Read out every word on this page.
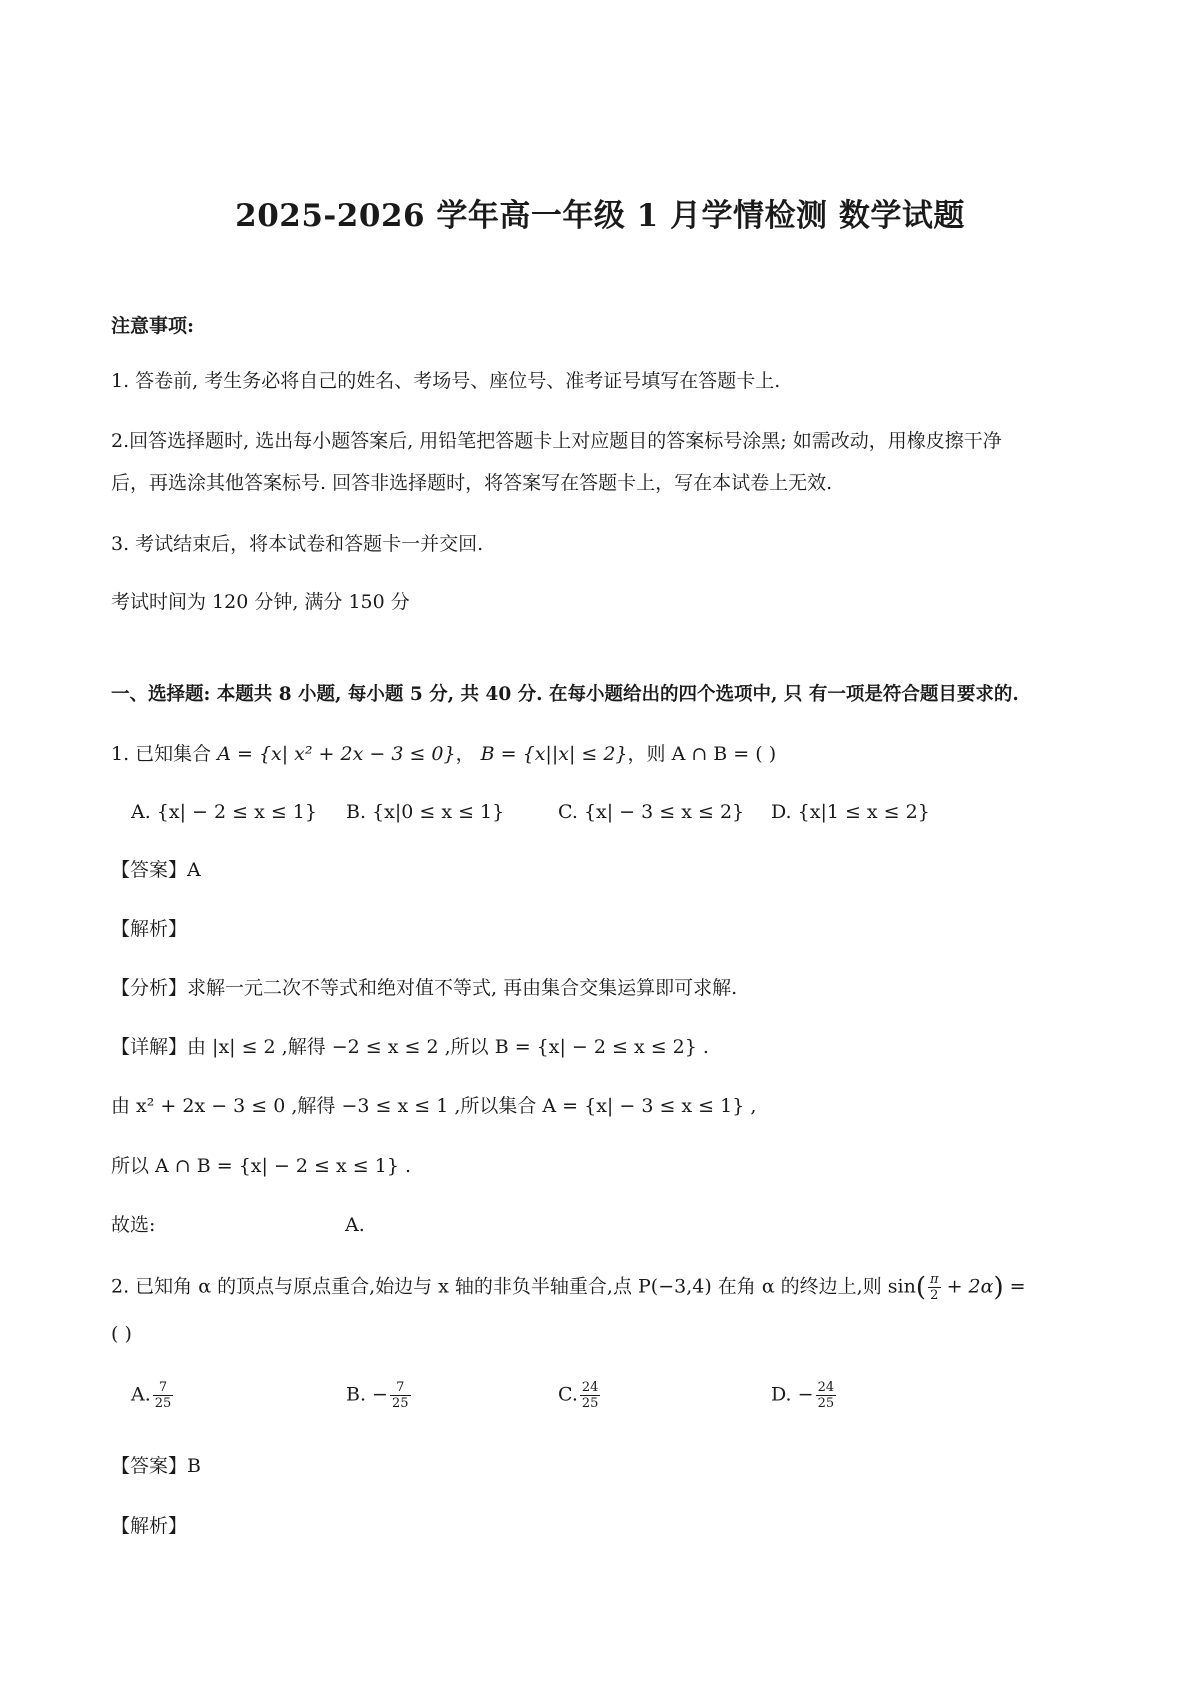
2025-2026 学年高一年级 1 月学情检测 数学试题
注意事项:
1. 答卷前, 考生务必将自己的姓名、考场号、座位号、准考证号填写在答题卡上.
2.回答选择题时, 选出每小题答案后, 用铅笔把答题卡上对应题目的答案标号涂黑; 如需改动，用橡皮擦干净
后，再选涂其他答案标号. 回答非选择题时，将答案写在答题卡上，写在本试卷上无效.
3. 考试结束后，将本试卷和答题卡一并交回.
考试时间为 120 分钟, 满分 150 分
一、选择题: 本题共 8 小题, 每小题 5 分, 共 40 分. 在每小题给出的四个选项中, 只 有一项是符合题目要求的.
1. 已知集合 A = {x| x² + 2x − 3 ≤ 0}， B = {x||x| ≤ 2}，则 A ∩ B = ( )
A. {x| − 2 ≤ x ≤ 1} B. {x|0 ≤ x ≤ 1}	C. {x| − 3 ≤ x ≤ 2} D. {x|1 ≤ x ≤ 2}
【答案】A
【解析】
【分析】求解一元二次不等式和绝对值不等式, 再由集合交集运算即可求解.
【详解】由 |x| ≤ 2 ,解得 −2 ≤ x ≤ 2 ,所以 B = {x| − 2 ≤ x ≤ 2} .
由 x² + 2x − 3 ≤ 0 ,解得 −3 ≤ x ≤ 1 ,所以集合 A = {x| − 3 ≤ x ≤ 1} ,
所以 A ∩ B = {x| − 2 ≤ x ≤ 1} .
故选:	A.
2. 已知角 α 的顶点与原点重合,始边与 x 轴的非负半轴重合,点 P(−3,4) 在角 α 的终边上,则 $\sin( \frac{\pi}{2} + 2\alpha)$ =
( )
A. $\frac{7}{25}$	B. − $\frac{7}{25}$	C. $\frac{24}{25}$	D. − $\frac{24}{25}$
【答案】B
【解析】
